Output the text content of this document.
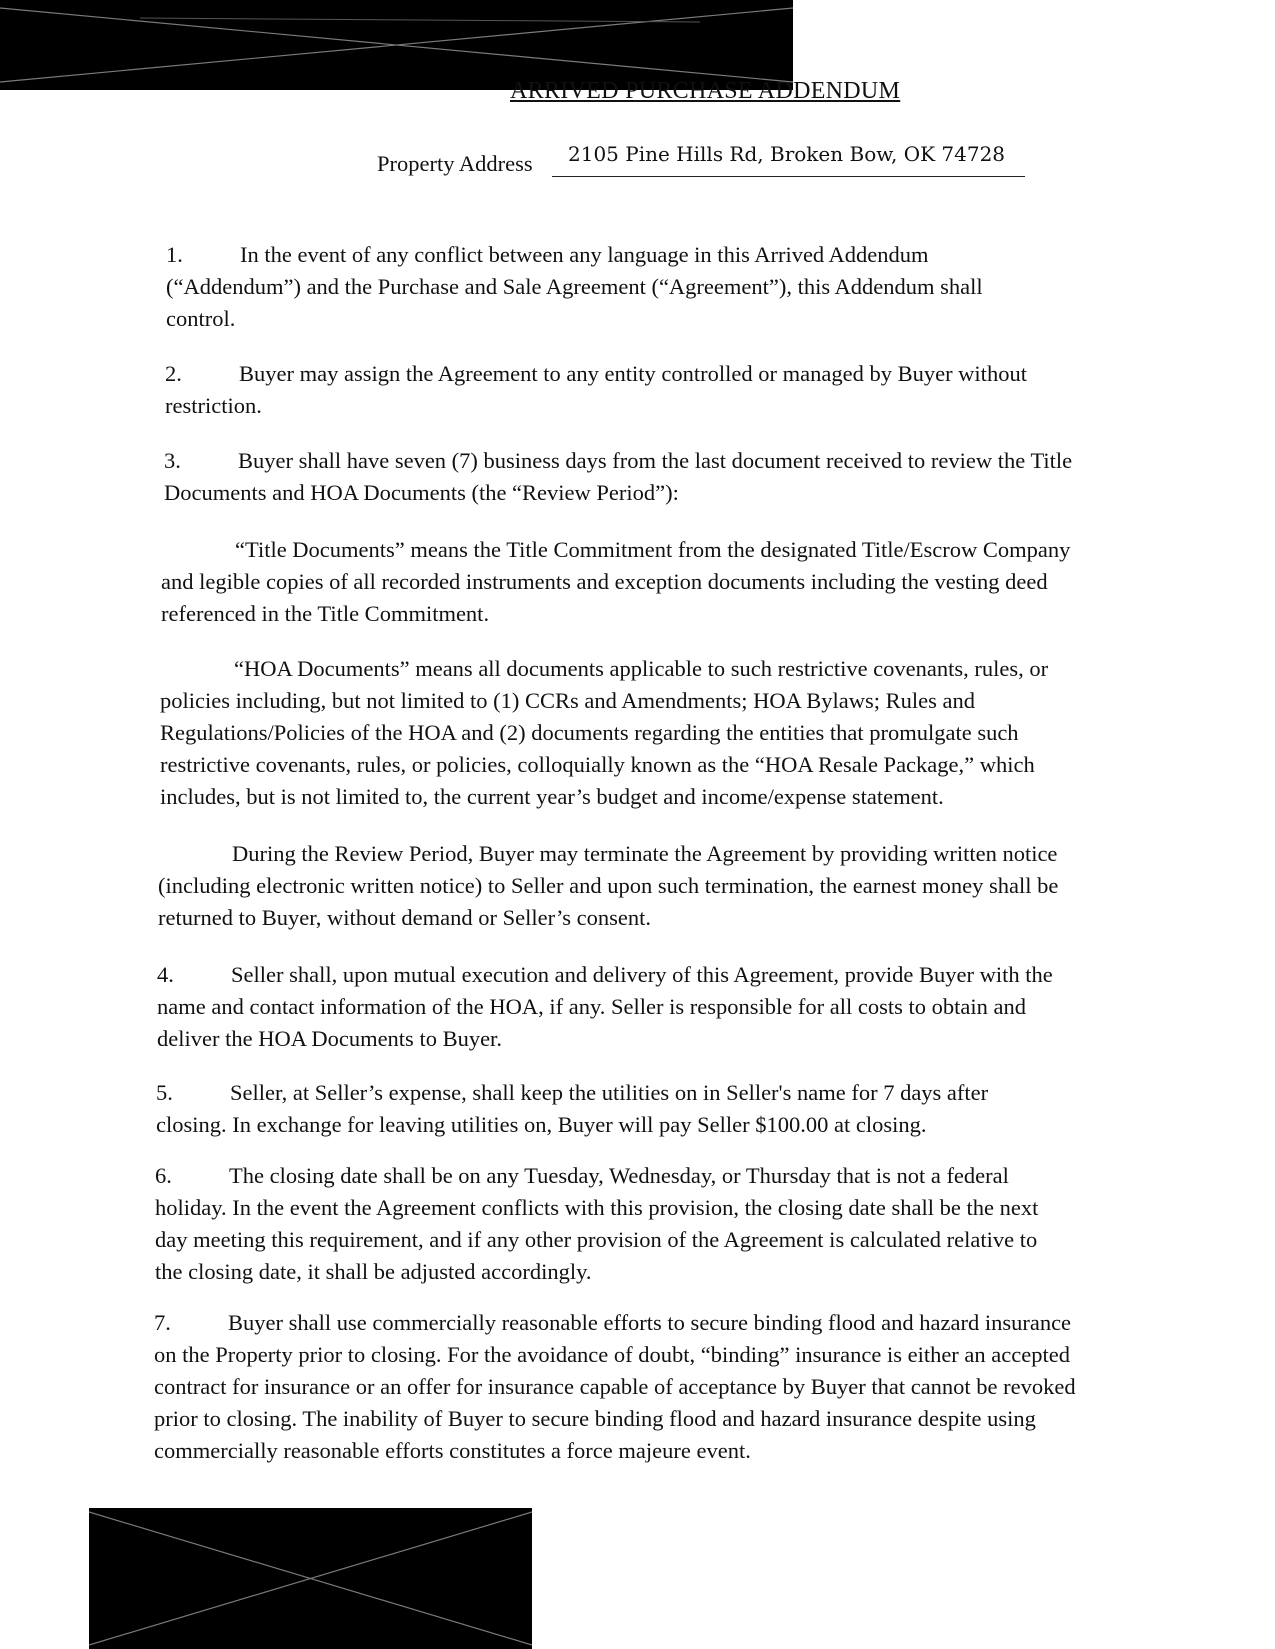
ARRIVED PURCHASE ADDENDUM
Property Address 2105 Pine Hills Rd, Broken Bow, OK 74728

1.	In the event of any conflict between any language in this Arrived Addendum (“Addendum”) and the Purchase and Sale Agreement (“Agreement”), this Addendum shall control.

2.	Buyer may assign the Agreement to any entity controlled or managed by Buyer without restriction.

3.	Buyer shall have seven (7) business days from the last document received to review the Title Documents and HOA Documents (the “Review Period”):

“Title Documents” means the Title Commitment from the designated Title/Escrow Company and legible copies of all recorded instruments and exception documents including the vesting deed referenced in the Title Commitment.

“HOA Documents” means all documents applicable to such restrictive covenants, rules, or policies including, but not limited to (1) CCRs and Amendments; HOA Bylaws; Rules and Regulations/Policies of the HOA and (2) documents regarding the entities that promulgate such restrictive covenants, rules, or policies, colloquially known as the “HOA Resale Package,” which includes, but is not limited to, the current year’s budget and income/expense statement.

During the Review Period, Buyer may terminate the Agreement by providing written notice (including electronic written notice) to Seller and upon such termination, the earnest money shall be returned to Buyer, without demand or Seller’s consent.

4.	Seller shall, upon mutual execution and delivery of this Agreement, provide Buyer with the name and contact information of the HOA, if any. Seller is responsible for all costs to obtain and deliver the HOA Documents to Buyer.

5.	Seller, at Seller’s expense, shall keep the utilities on in Seller's name for 7 days after closing. In exchange for leaving utilities on, Buyer will pay Seller $100.00 at closing.

6.	The closing date shall be on any Tuesday, Wednesday, or Thursday that is not a federal holiday. In the event the Agreement conflicts with this provision, the closing date shall be the next day meeting this requirement, and if any other provision of the Agreement is calculated relative to the closing date, it shall be adjusted accordingly.

7.	Buyer shall use commercially reasonable efforts to secure binding flood and hazard insurance on the Property prior to closing. For the avoidance of doubt, “binding” insurance is either an accepted contract for insurance or an offer for insurance capable of acceptance by Buyer that cannot be revoked prior to closing. The inability of Buyer to secure binding flood and hazard insurance despite using commercially reasonable efforts constitutes a force majeure event.
